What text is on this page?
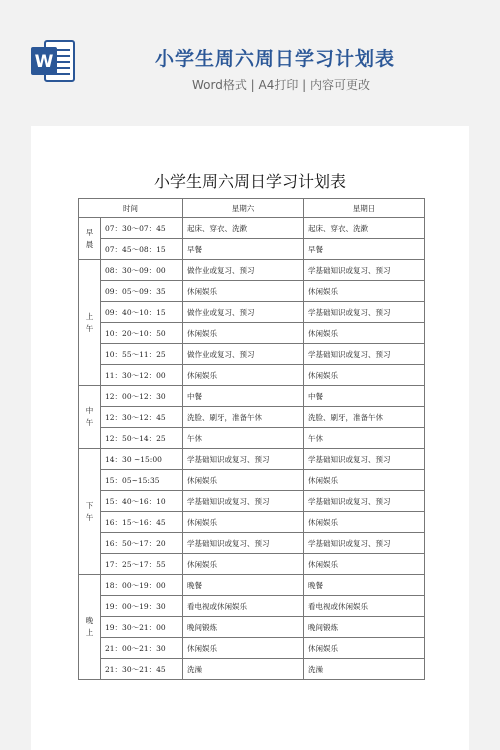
W	小学生周六周日学习计划表
Word格式 | A4打印 | 内容可更改
小学生周六周日学习计划表
时间		星期六	星期日
早
晨	07：30～07：45	起床、穿衣、洗漱	起床、穿衣、洗漱
	07：45～08：15	早餐	早餐
上
午	08：30～09：00	做作业或复习、预习	学基础知识或复习、预习
	09：05～09：35	休闲娱乐	休闲娱乐
	09：40～10：15	做作业或复习、预习	学基础知识或复习、预习
	10：20～10：50	休闲娱乐	休闲娱乐
	10：55～11：25	做作业或复习、预习	学基础知识或复习、预习
	11：30～12：00	休闲娱乐	休闲娱乐
中
午	12：00～12：30	中餐	中餐
	12：30～12：45	洗脸、刷牙，准备午休	洗脸、刷牙，准备午休
	12：50～14：25	午休	午休
下
午	14：30 ~15:00	学基础知识或复习、预习	学基础知识或复习、预习
	15：05~15:35	休闲娱乐	休闲娱乐
	15：40～16：10	学基础知识或复习、预习	学基础知识或复习、预习
	16：15～16：45	休闲娱乐	休闲娱乐
	16：50～17：20	学基础知识或复习、预习	学基础知识或复习、预习
	17：25～17：55	休闲娱乐	休闲娱乐
晚
上	18：00～19：00	晚餐	晚餐
	19：00～19：30	看电视或休闲娱乐	看电视或休闲娱乐
	19：30～21：00	晚间锻炼	晚间锻炼
	21：00～21：30	休闲娱乐	休闲娱乐
	21：30～21：45	洗澡	洗澡
